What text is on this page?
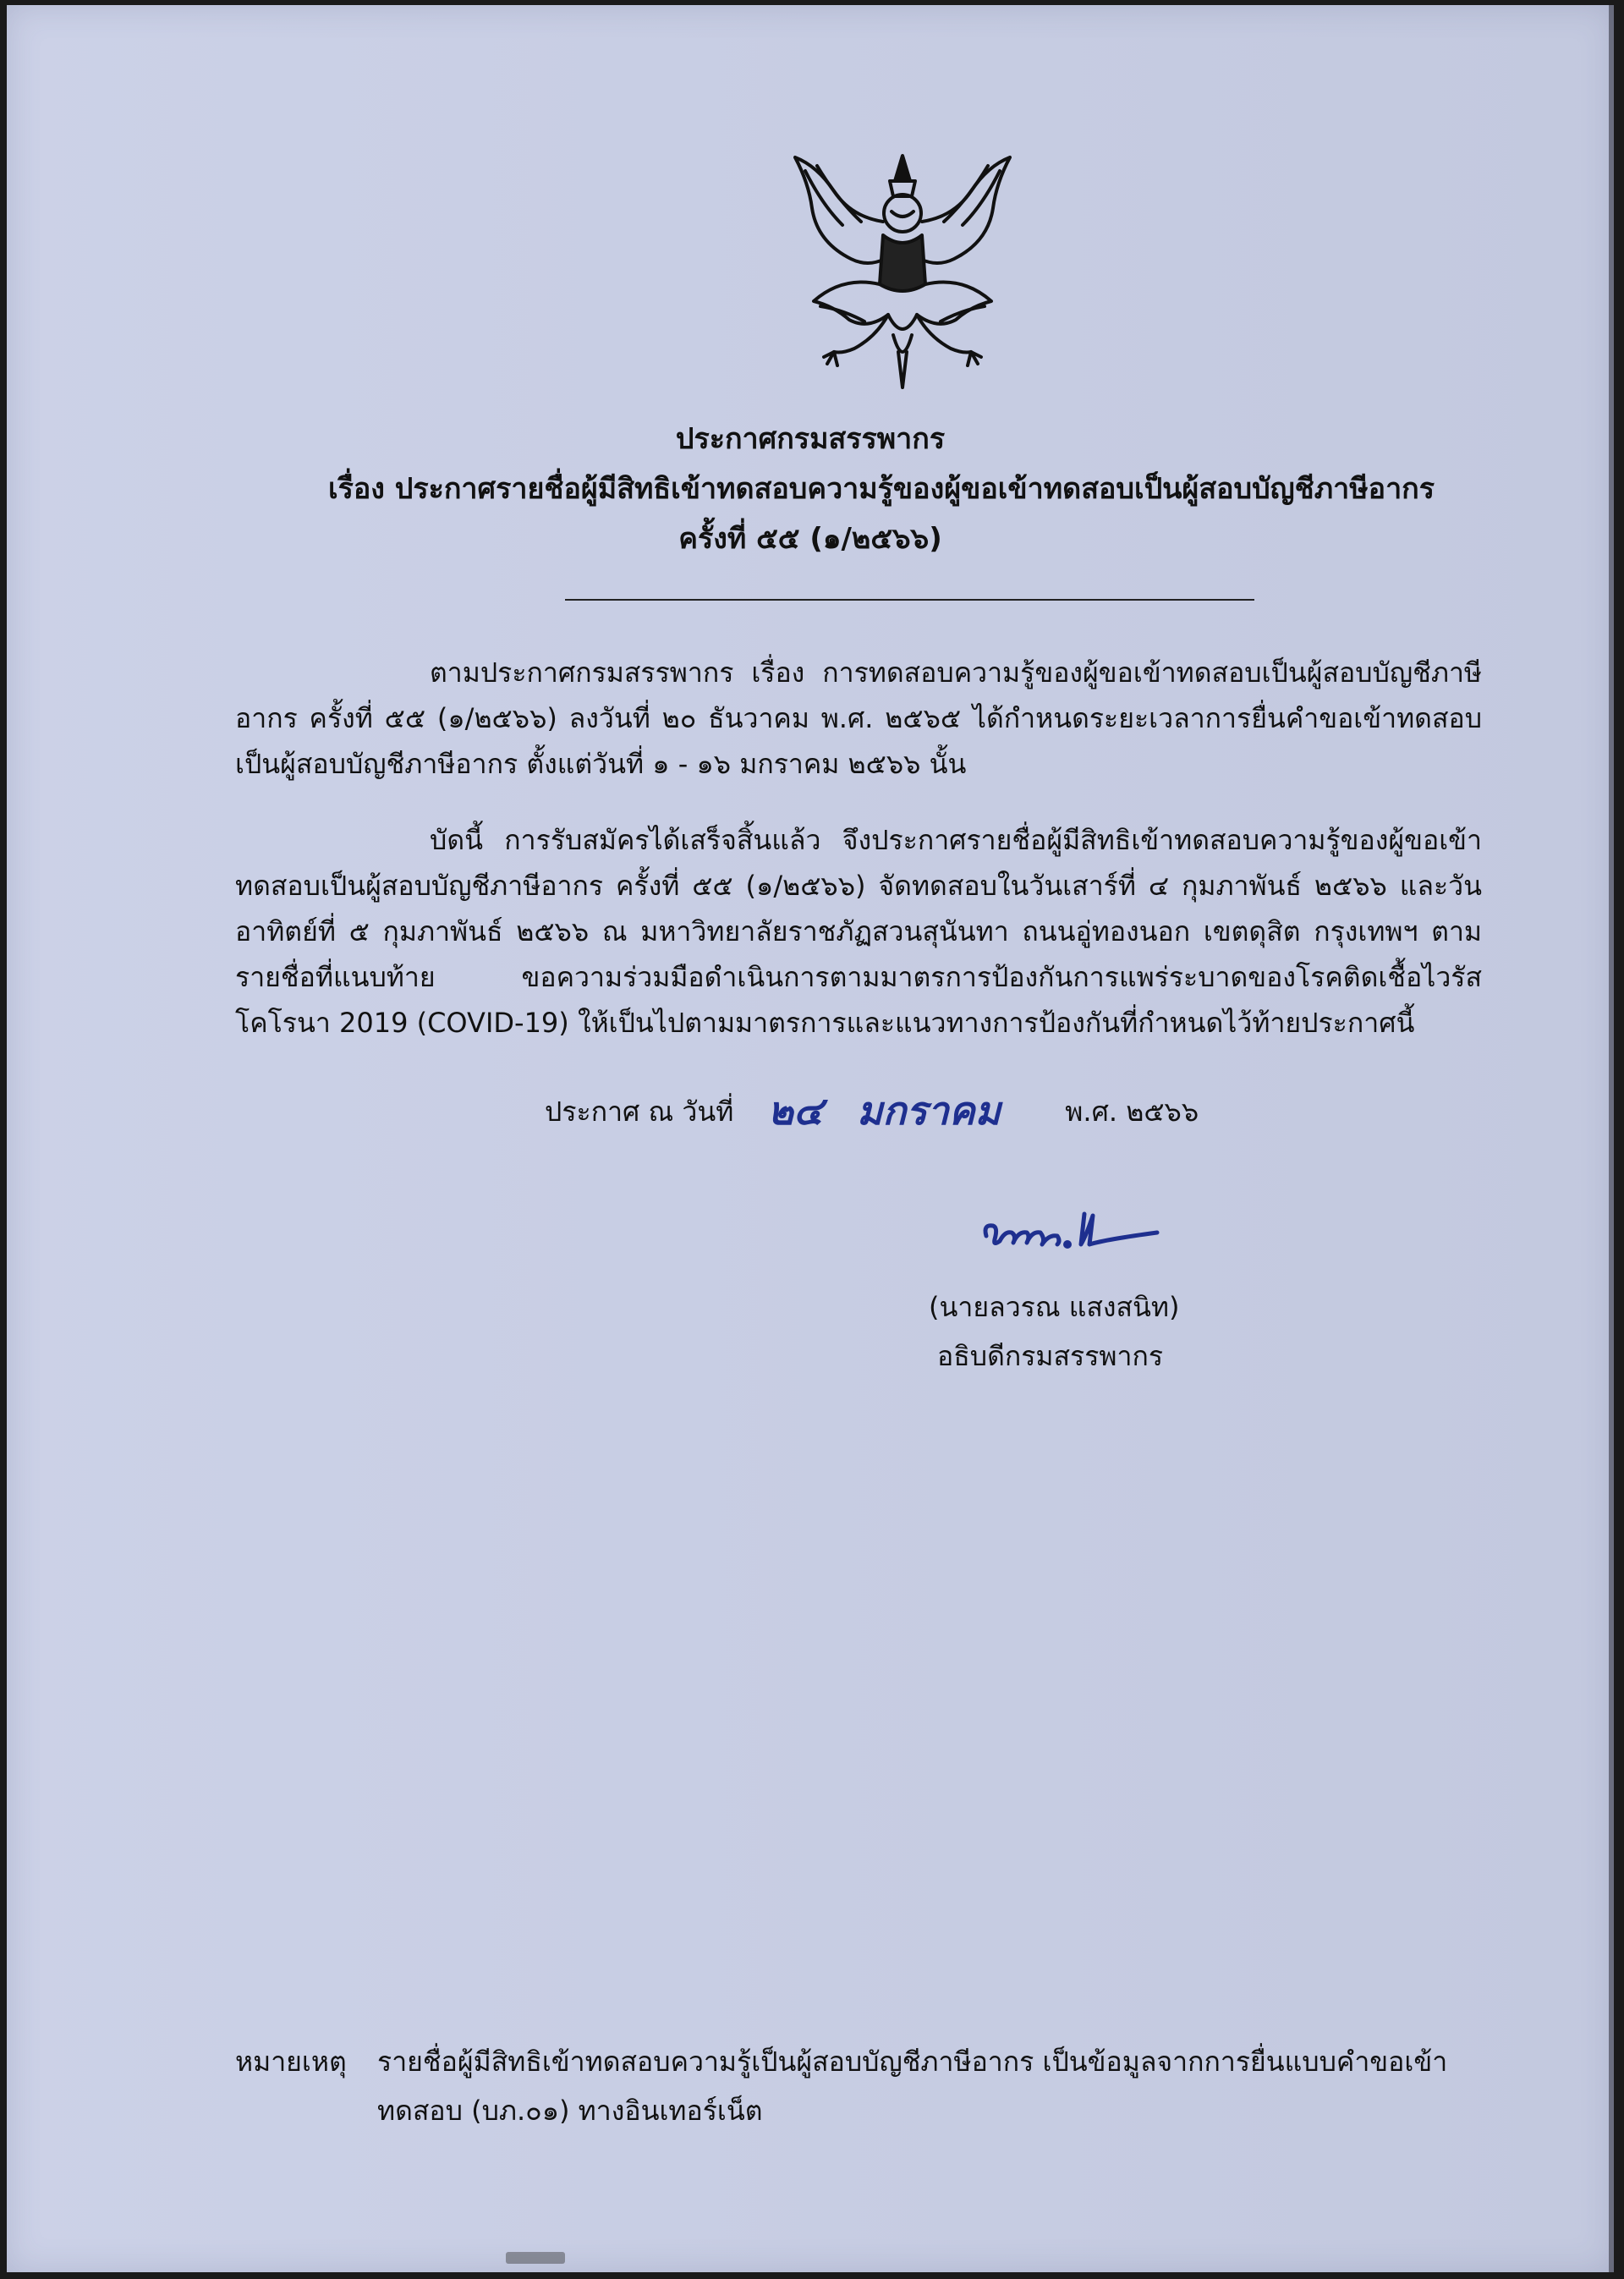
ประกาศกรมสรรพากร
เรื่อง ประกาศรายชื่อผู้มีสิทธิเข้าทดสอบความรู้ของผู้ขอเข้าทดสอบเป็นผู้สอบบัญชีภาษีอากร
ครั้งที่ ๕๕ (๑/๒๕๖๖)
ตามประกาศกรมสรรพากร เรื่อง การทดสอบความรู้ของผู้ขอเข้าทดสอบเป็นผู้สอบบัญชีภาษีอากร ครั้งที่ ๕๕ (๑/๒๕๖๖) ลงวันที่ ๒๐ ธันวาคม พ.ศ. ๒๕๖๕ ได้กำหนดระยะเวลาการยื่นคำขอเข้าทดสอบเป็นผู้สอบบัญชีภาษีอากร ตั้งแต่วันที่ ๑ - ๑๖ มกราคม ๒๕๖๖ นั้น
บัดนี้ การรับสมัครได้เสร็จสิ้นแล้ว จึงประกาศรายชื่อผู้มีสิทธิเข้าทดสอบความรู้ของผู้ขอเข้าทดสอบเป็นผู้สอบบัญชีภาษีอากร ครั้งที่ ๕๕ (๑/๒๕๖๖) จัดทดสอบในวันเสาร์ที่ ๔ กุมภาพันธ์ ๒๕๖๖ และวันอาทิตย์ที่ ๕ กุมภาพันธ์ ๒๕๖๖ ณ มหาวิทยาลัยราชภัฏสวนสุนันทา ถนนอู่ทองนอก เขตดุสิต กรุงเทพฯ ตามรายชื่อที่แนบท้าย ขอความร่วมมือดำเนินการตามมาตรการป้องกันการแพร่ระบาดของโรคติดเชื้อไวรัสโคโรนา 2019 (COVID-19) ให้เป็นไปตามมาตรการและแนวทางการป้องกันที่กำหนดไว้ท้ายประกาศนี้
ประกาศ ณ วันที่ ๒๔ มกราคม พ.ศ. ๒๕๖๖
(นายลวรณ แสงสนิท)
อธิบดีกรมสรรพากร
หมายเหตุ รายชื่อผู้มีสิทธิเข้าทดสอบความรู้เป็นผู้สอบบัญชีภาษีอากร เป็นข้อมูลจากการยื่นแบบคำขอเข้าทดสอบ (บภ.๐๑) ทางอินเทอร์เน็ต
